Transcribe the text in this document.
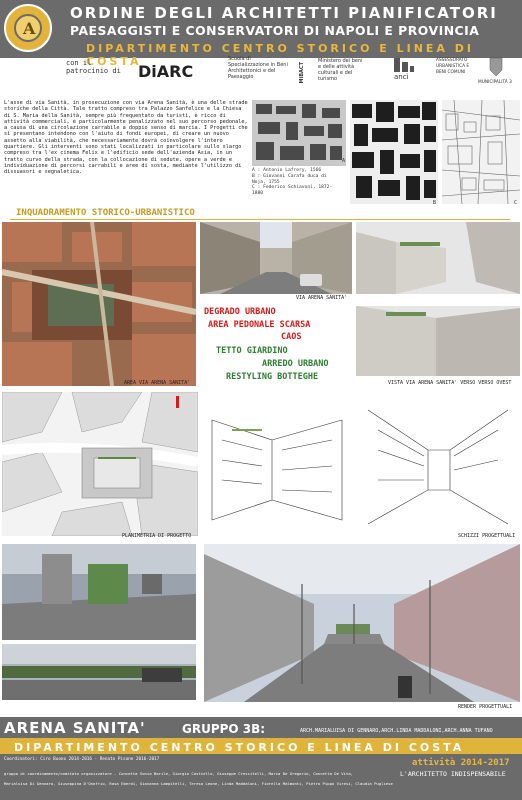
A
ORDINE DEGLI ARCHITETTI PIANIFICATORI
PAESAGGISTI E CONSERVATORI DI NAPOLI E PROVINCIA
DIPARTIMENTO CENTRO STORICO E LINEA DI COSTA
con il patrocinio di	DiARC
Scuola di Specializzazione in Beni Architettonici e del Paesaggio	MiBACT
Ministero dei beni e delle attività culturali e del turismo	anci
ASSESSORATO URBANISTICA E BENI COMUNI
MUNICIPALITÀ 3
L'asse di via Sanità, in prosecuzione con via Arena Sanità, è una delle strade storiche della Città. Tale tratto compreso tra Palazzo Sanfelice e la Chiesa di S. Maria della Sanità, sempre più frequentato da turisti, è ricco di attività commerciali, è particolarmente penalizzato nel suo percorso pedonale, a causa di una circolazione carrabile a doppio senso di marcia. I Progetti che si presentano intendono con l'aiuto di fondi europei, di creare un nuovo assetto alla viabilità, che necessariamente dovrà coinvolgere l'intero quartiere. Gli interventi sono stati localizzati in particolare sullo slargo compreso tra l'ex cinema Felix e l'edificio sede dell'azienda Asia, in un tratto curvo della strada, con la collocazione di sedute, opere a verde e individuazione di percorsi carrabili e aree di sosta, mediante l'utilizzo di dissuasori e segnaletica.
A
B	C
A : Antonio Lafrery, 1566
B : Giovanni Carafa duca di Noja, 1755
C : Federico Schiavoni, 1872-1880
INQUADRAMENTO STORICO-URBANISTICO
AREA VIA ARENA SANITA'
VIA ARENA SANITA'
VISTA VIA ARENA SANITA' VERSO VERSO OVEST
DEGRADO URBANO
AREA PEDONALE SCARSA
CAOS
TETTO GIARDINO
ARREDO URBANO
RESTYLING BOTTEGHE
PLANIMETRIA DI PROGETTO	SCHIZZI PROGETTUALI
RENDER PROGETTUALI
ARENA SANITA'	GRUPPO 3B:	ARCH.MARIALUISA DI GENNARO,ARCH.LINDA MADDALONI,ARCH.ANNA TUFANO
DIPARTIMENTO CENTRO STORICO E LINEA DI COSTA
Coordinatori: Ciro Buono 2014-2016 - Renato Pisone 2016-2017
gruppo di coordinamento/comitato organizzatore - Concetta Sonia Barile, Giorgio Castiello, Giuseppe Crescitelli, Maria De Gregorio, Concetta De Vita,
Marialuisa Di Gennaro, Giuseppina D'Onofrio, Rosa Eberdi, Giovanna Lampitelli, Teresa Leone, Linda Maddaloni, Fiorella Malmonti, Pietro Pippo Viresi, Claudia Pugliese
attività 2014-2017
L'ARCHITETTO INDISPENSABILE
